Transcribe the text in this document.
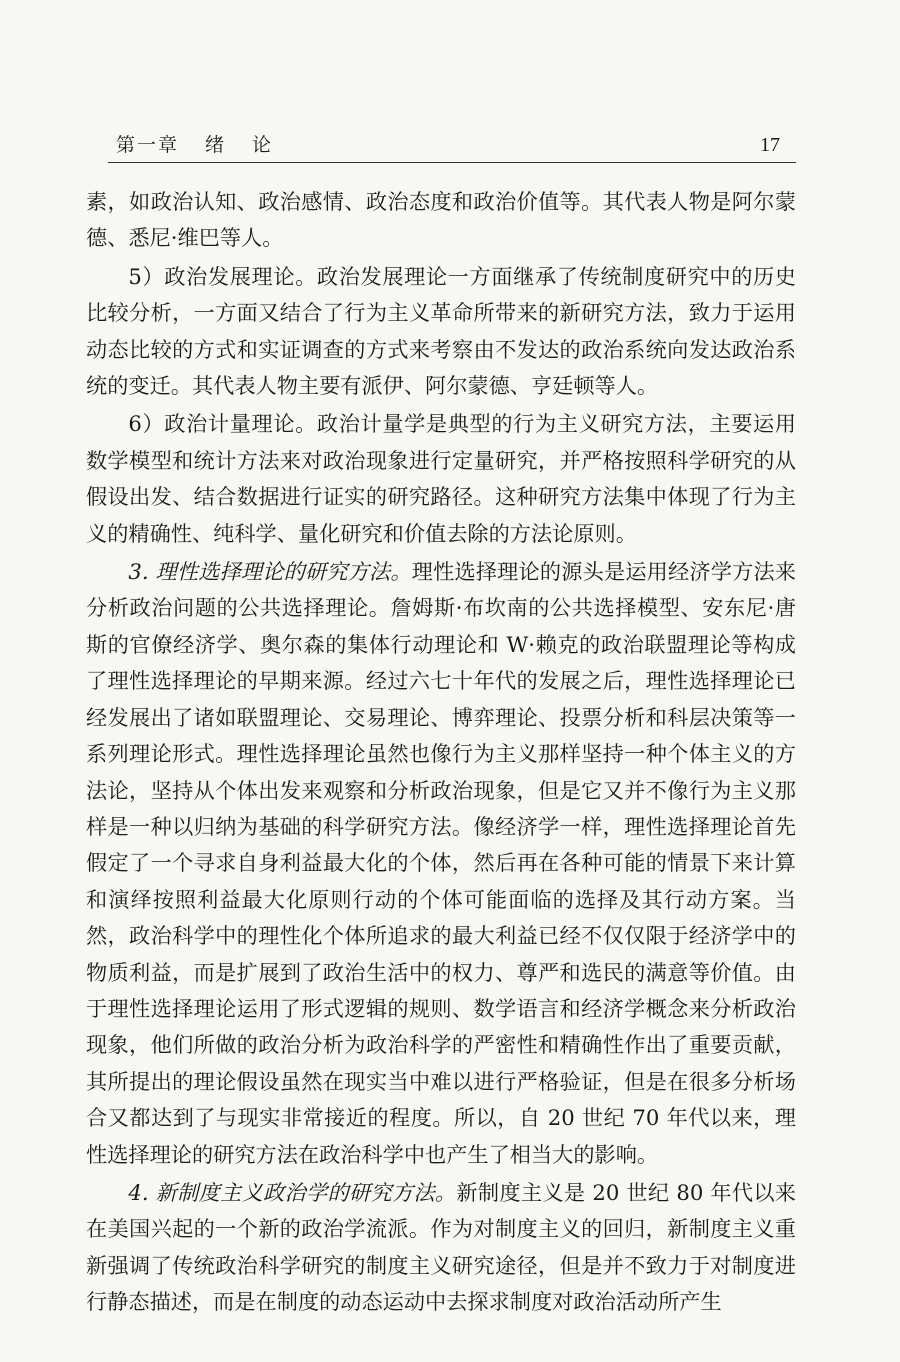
第一章 绪 论	17

素，如政治认知、政治感情、政治态度和政治价值等。其代表人物是阿尔蒙德、悉尼·维巴等人。

5）政治发展理论。政治发展理论一方面继承了传统制度研究中的历史比较分析，一方面又结合了行为主义革命所带来的新研究方法，致力于运用动态比较的方式和实证调查的方式来考察由不发达的政治系统向发达政治系统的变迁。其代表人物主要有派伊、阿尔蒙德、亨廷顿等人。

6）政治计量理论。政治计量学是典型的行为主义研究方法，主要运用数学模型和统计方法来对政治现象进行定量研究，并严格按照科学研究的从假设出发、结合数据进行证实的研究路径。这种研究方法集中体现了行为主义的精确性、纯科学、量化研究和价值去除的方法论原则。

3. 理性选择理论的研究方法。理性选择理论的源头是运用经济学方法来分析政治问题的公共选择理论。詹姆斯·布坎南的公共选择模型、安东尼·唐斯的官僚经济学、奥尔森的集体行动理论和 W·赖克的政治联盟理论等构成了理性选择理论的早期来源。经过六七十年代的发展之后，理性选择理论已经发展出了诸如联盟理论、交易理论、博弈理论、投票分析和科层决策等一系列理论形式。理性选择理论虽然也像行为主义那样坚持一种个体主义的方法论，坚持从个体出发来观察和分析政治现象，但是它又并不像行为主义那样是一种以归纳为基础的科学研究方法。像经济学一样，理性选择理论首先假定了一个寻求自身利益最大化的个体，然后再在各种可能的情景下来计算和演绎按照利益最大化原则行动的个体可能面临的选择及其行动方案。当然，政治科学中的理性化个体所追求的最大利益已经不仅仅限于经济学中的物质利益，而是扩展到了政治生活中的权力、尊严和选民的满意等价值。由于理性选择理论运用了形式逻辑的规则、数学语言和经济学概念来分析政治现象，他们所做的政治分析为政治科学的严密性和精确性作出了重要贡献，其所提出的理论假设虽然在现实当中难以进行严格验证，但是在很多分析场合又都达到了与现实非常接近的程度。所以，自 20 世纪 70 年代以来，理性选择理论的研究方法在政治科学中也产生了相当大的影响。

4. 新制度主义政治学的研究方法。新制度主义是 20 世纪 80 年代以来在美国兴起的一个新的政治学流派。作为对制度主义的回归，新制度主义重新强调了传统政治科学研究的制度主义研究途径，但是并不致力于对制度进行静态描述，而是在制度的动态运动中去探求制度对政治活动所产生
